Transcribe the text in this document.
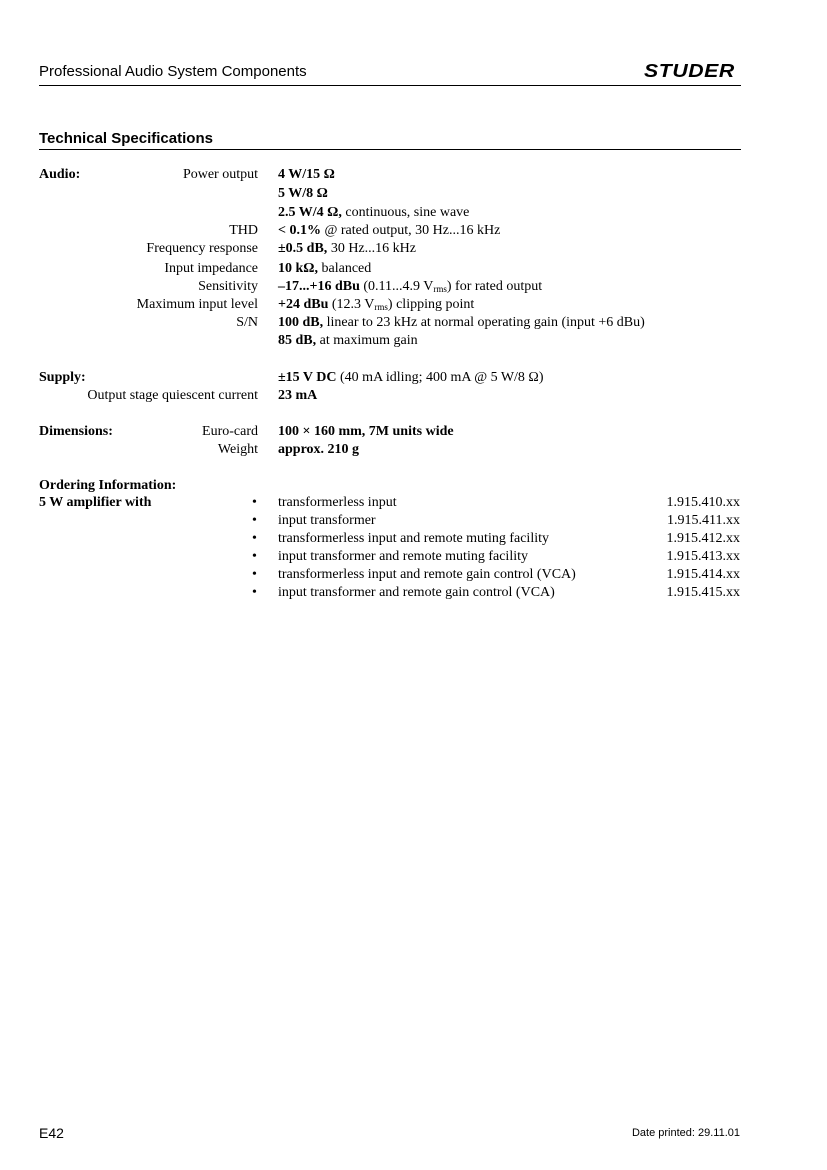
Professional Audio System Components	STUDER
Technical Specifications
Audio:	Power output 4 W/15 Ω
5 W/8 Ω
2.5 W/4 Ω, continuous, sine wave
THD < 0.1% @ rated output, 30 Hz...16 kHz
Frequency response ±0.5 dB, 30 Hz...16 kHz
Input impedance 10 kΩ, balanced
Sensitivity –17...+16 dBu (0.11...4.9 $V_{rms}$) for rated output
Maximum input level +24 dBu (12.3 $V_{rms}$) clipping point
S/N 100 dB, linear to 23 kHz at normal operating gain (input +6 dBu)
85 dB, at maximum gain
Supply:	±15 V DC (40 mA idling; 400 mA @ 5 W/8 Ω)
Output stage quiescent current 23 mA
Dimensions:	Euro-card 100 × 160 mm, 7M units wide
Weight approx. 210 g
Ordering Information:
5 W amplifier with	• transformerless input	1.915.410.xx
• input transformer	1.915.411.xx
• transformerless input and remote muting facility	1.915.412.xx
• input transformer and remote muting facility	1.915.413.xx
• transformerless input and remote gain control (VCA)	1.915.414.xx
• input transformer and remote gain control (VCA)	1.915.415.xx
E42	Date printed: 29.11.01
